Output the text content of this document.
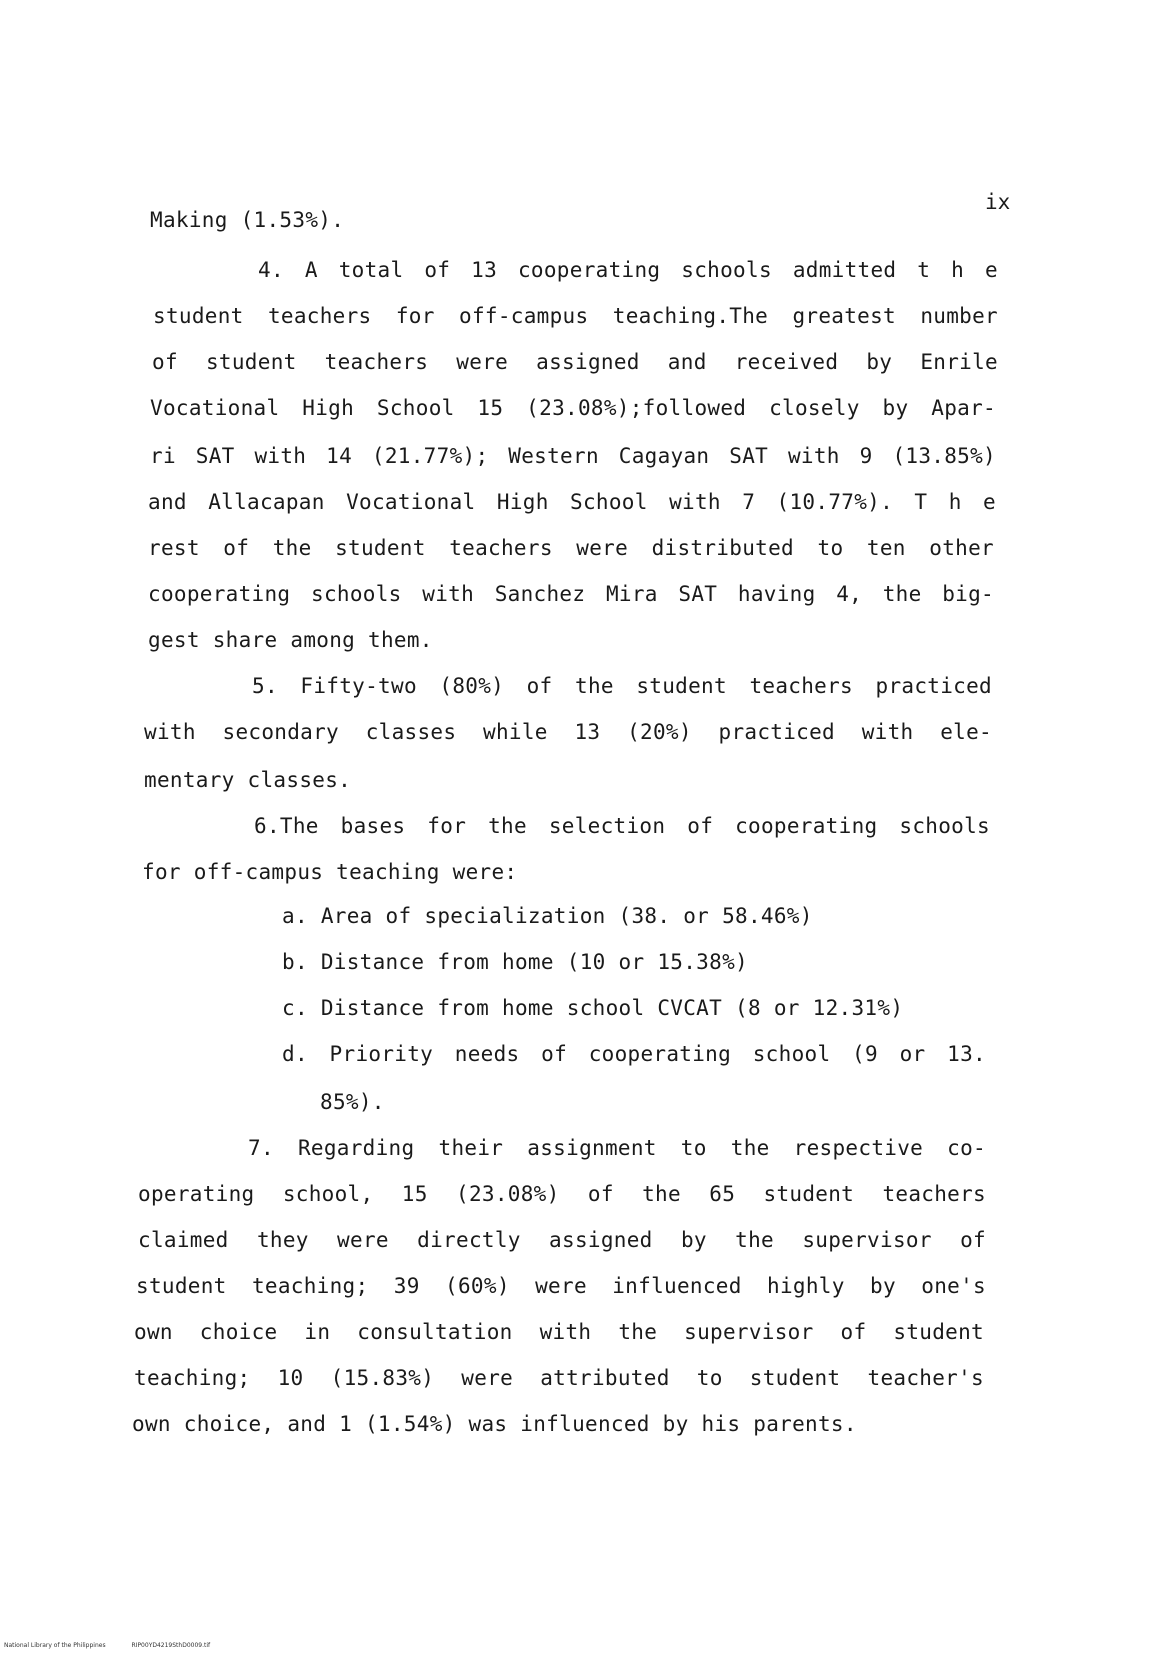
ix
Making (1.53%).
4. A total of 13 cooperating schools admitted t h e
student teachers for off-campus teaching.The greatest number
of student teachers were assigned and received by Enrile
Vocational High School 15 (23.08%);followed closely by Apar-
ri SAT with 14 (21.77%); Western Cagayan SAT with 9 (13.85%)
and Allacapan Vocational High School with 7 (10.77%). T h e
rest of the student teachers were distributed to ten other
cooperating schools with Sanchez Mira SAT having 4, the big-
gest share among them.
5. Fifty-two (80%) of the student teachers practiced
with secondary classes while 13 (20%) practiced with ele-
mentary classes.
6.The bases for the selection of cooperating schools
for off-campus teaching were:
a. Area of specialization (38. or 58.46%)
b. Distance from home (10 or 15.38%)
c. Distance from home school CVCAT (8 or 12.31%)
d. Priority needs of cooperating school (9 or 13.
85%).
7. Regarding their assignment to the respective co-
operating school, 15 (23.08%) of the 65 student teachers
claimed they were directly assigned by the supervisor of
student teaching; 39 (60%) were influenced highly by one's
own choice in consultation with the supervisor of student
teaching; 10 (15.83%) were attributed to student teacher's
own choice, and 1 (1.54%) was influenced by his parents.
National Library of the Philippines	RIP00YD4219SthD0009.tif
